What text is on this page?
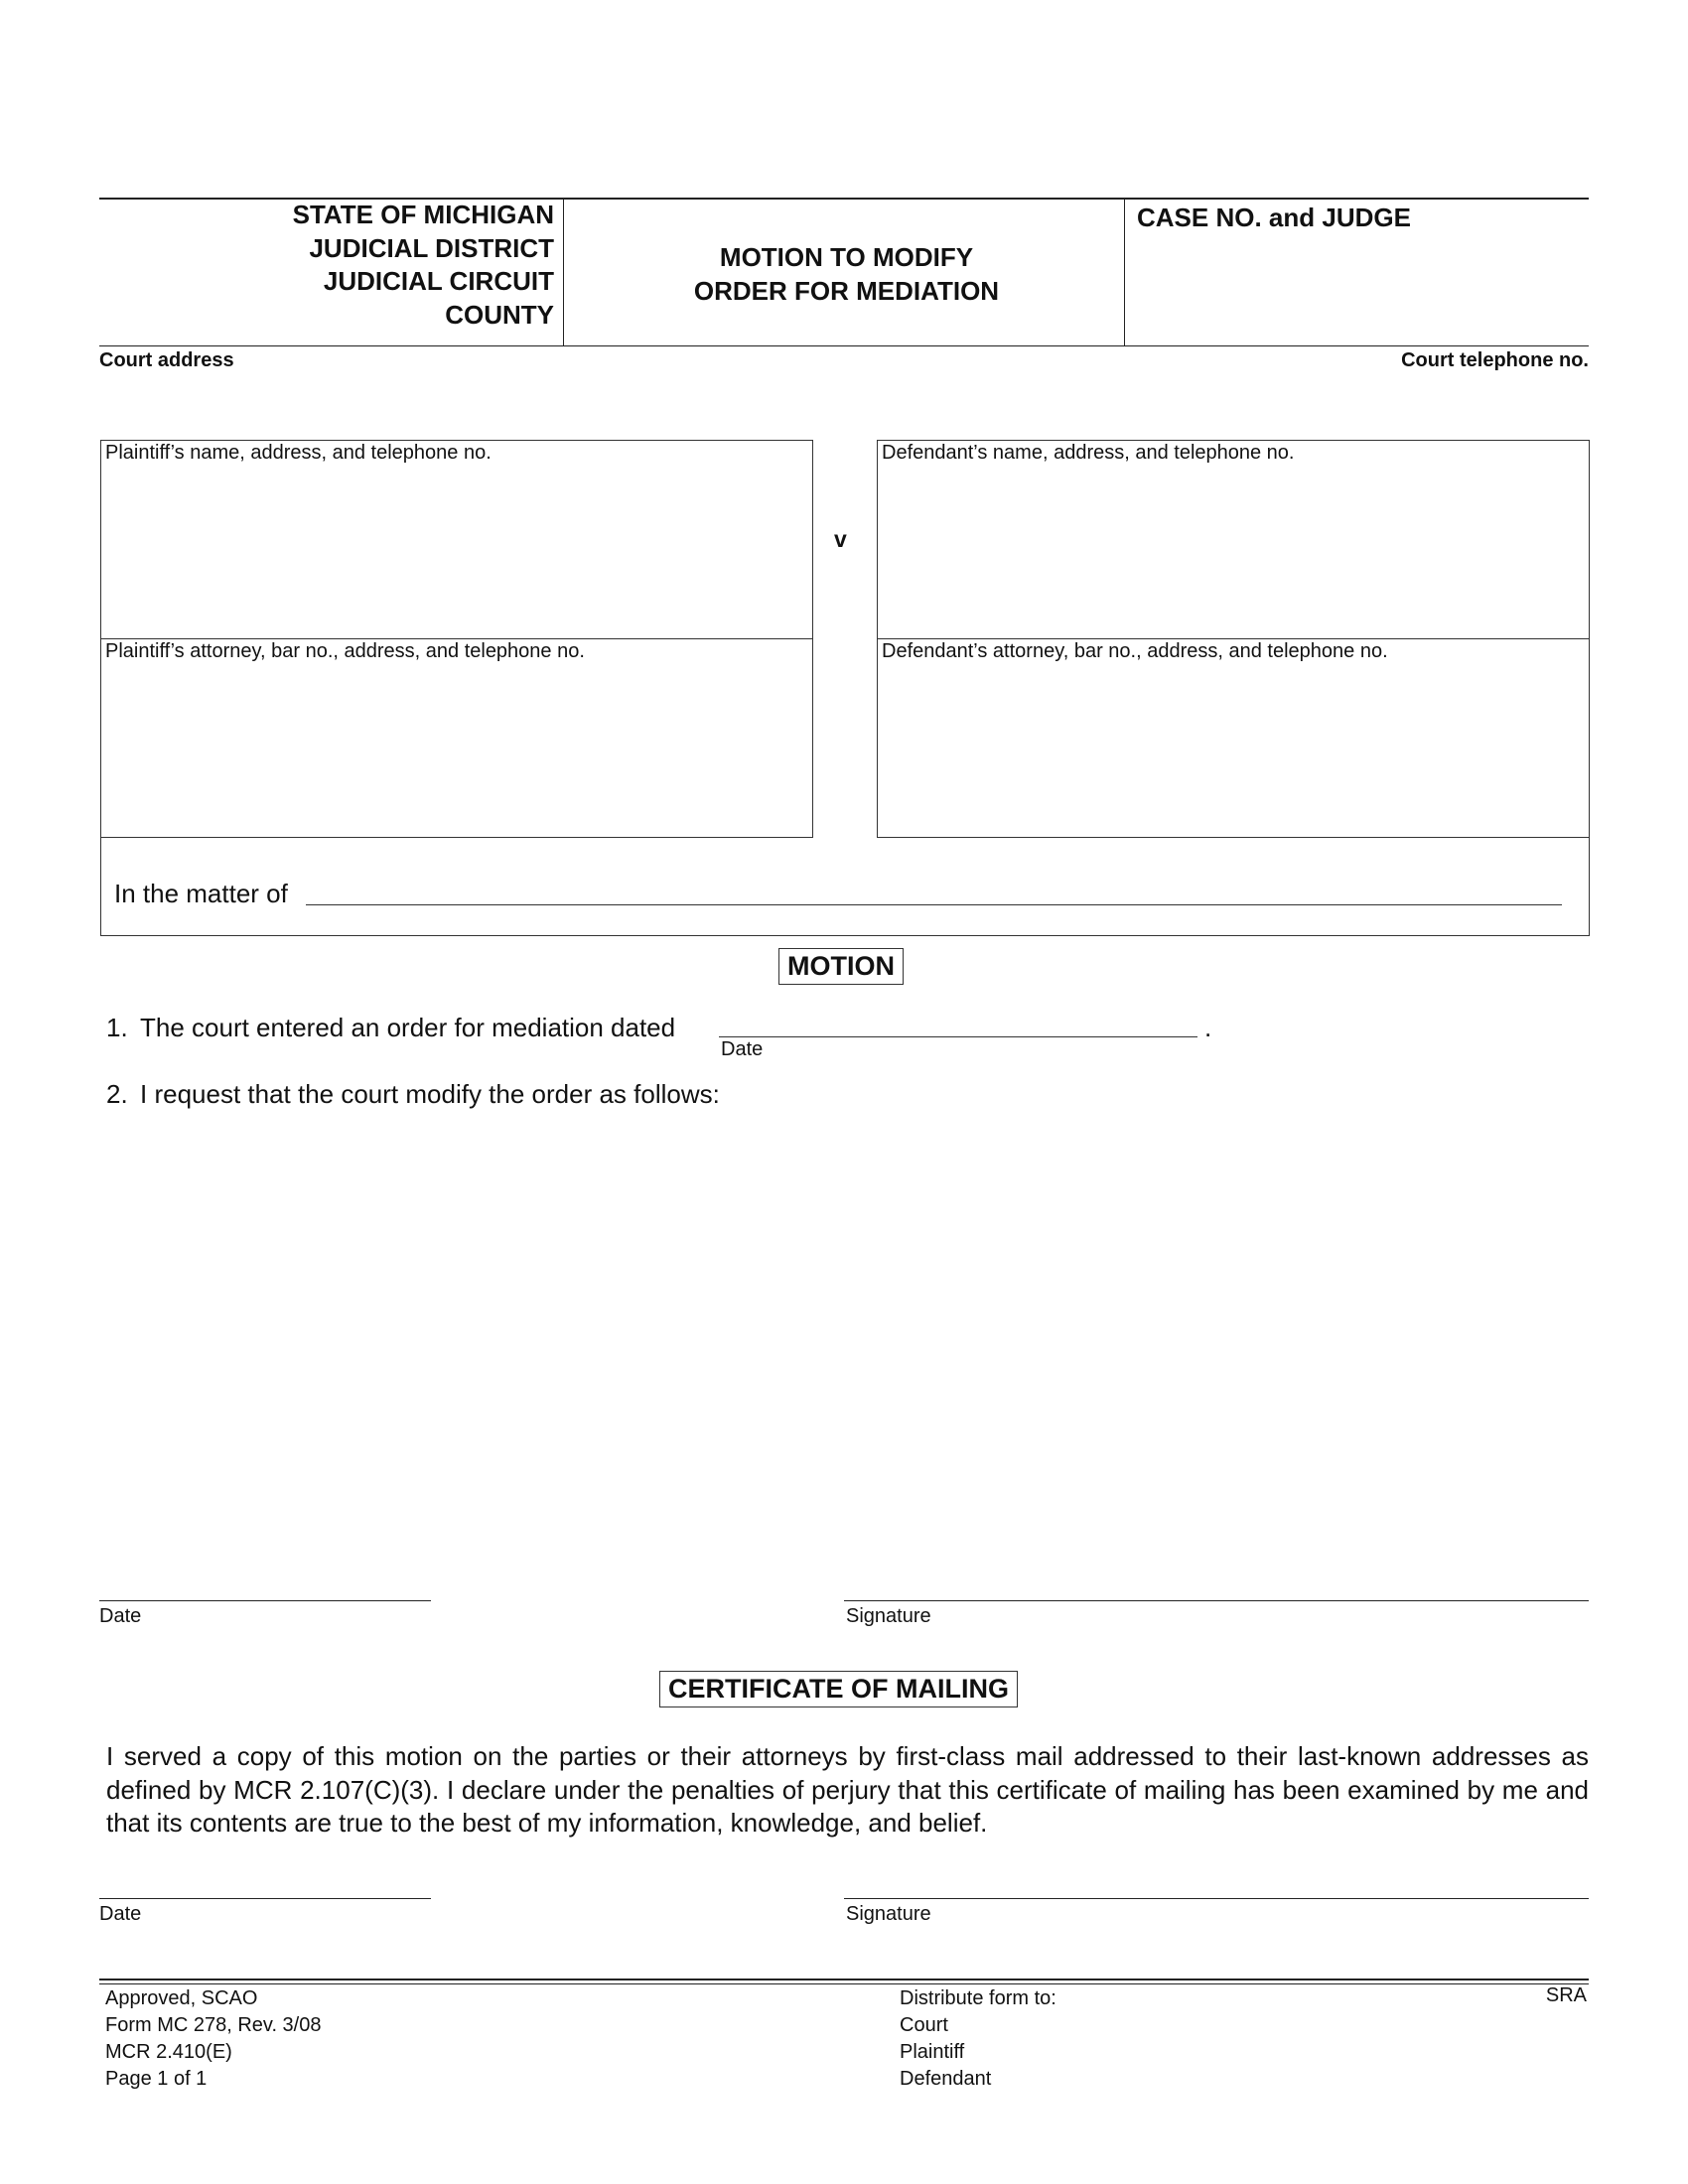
STATE OF MICHIGAN
JUDICIAL DISTRICT
JUDICIAL CIRCUIT
COUNTY
MOTION TO MODIFY
ORDER FOR MEDIATION
CASE NO. and JUDGE
Court address	Court telephone no.
Plaintiff’s name, address, and telephone no.	Defendant’s name, address, and telephone no.
Plaintiff’s attorney, bar no., address, and telephone no.	Defendant’s attorney, bar no., address, and telephone no.
v
In the matter of
MOTION
1. The court entered an order for mediation dated	.
Date
2. I request that the court modify the order as follows:
Date	Signature
CERTIFICATE OF MAILING
I served a copy of this motion on the parties or their attorneys by first-class mail addressed to their last-known addresses as defined by MCR 2.107(C)(3). I declare under the penalties of perjury that this certificate of mailing has been examined by me and that its contents are true to the best of my information, knowledge, and belief.
Date	Signature
Approved, SCAO
Form MC 278, Rev. 3/08
MCR 2.410(E)
Page 1 of 1
Distribute form to:
Court
Plaintiff
Defendant
SRA
